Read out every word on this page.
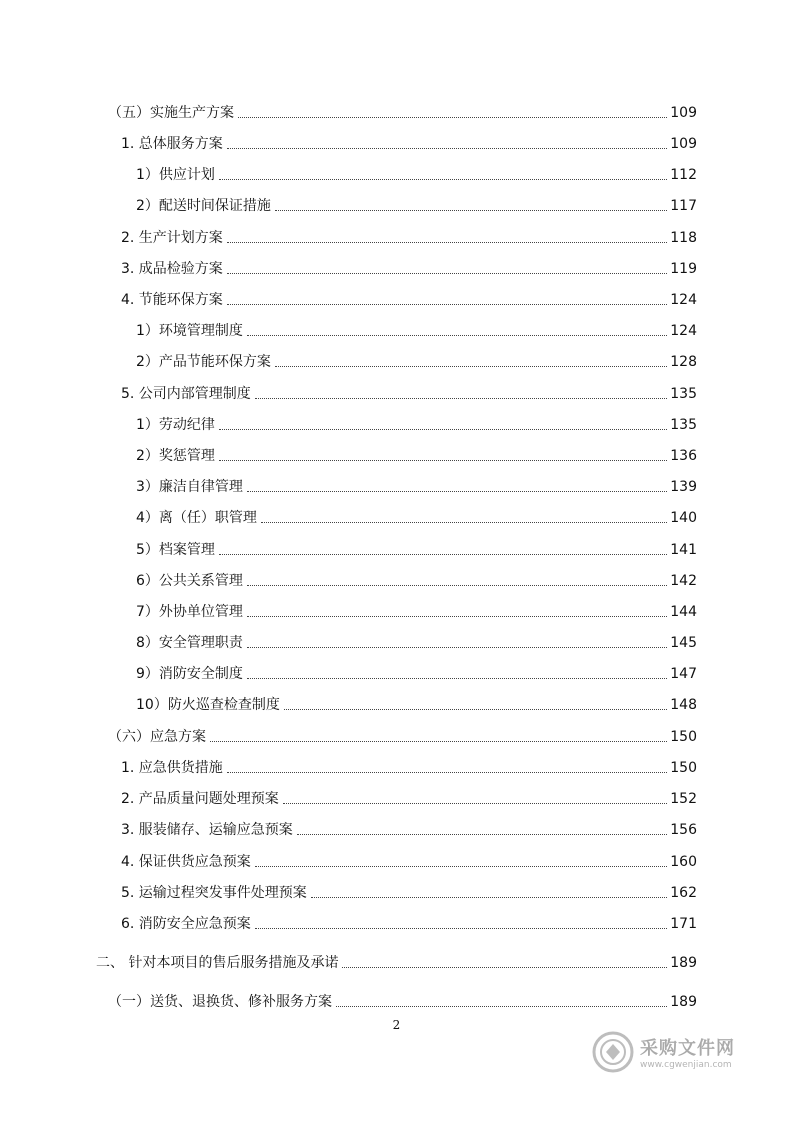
（五）实施生产方案	109
1. 总体服务方案	109
1）供应计划	112
2）配送时间保证措施	117
2. 生产计划方案	118
3. 成品检验方案	119
4. 节能环保方案	124
1）环境管理制度	124
2）产品节能环保方案	128
5. 公司内部管理制度	135
1）劳动纪律	135
2）奖惩管理	136
3）廉洁自律管理	139
4）离（任）职管理	140
5）档案管理	141
6）公共关系管理	142
7）外协单位管理	144
8）安全管理职责	145
9）消防安全制度	147
10）防火巡查检查制度	148
（六）应急方案	150
1. 应急供货措施	150
2. 产品质量问题处理预案	152
3. 服装储存、运输应急预案	156
4. 保证供货应急预案	160
5. 运输过程突发事件处理预案	162
6. 消防安全应急预案	171
二、 针对本项目的售后服务措施及承诺	189
（一）送货、退换货、修补服务方案	189
2
采购文件网
www.cgwenjian.com
